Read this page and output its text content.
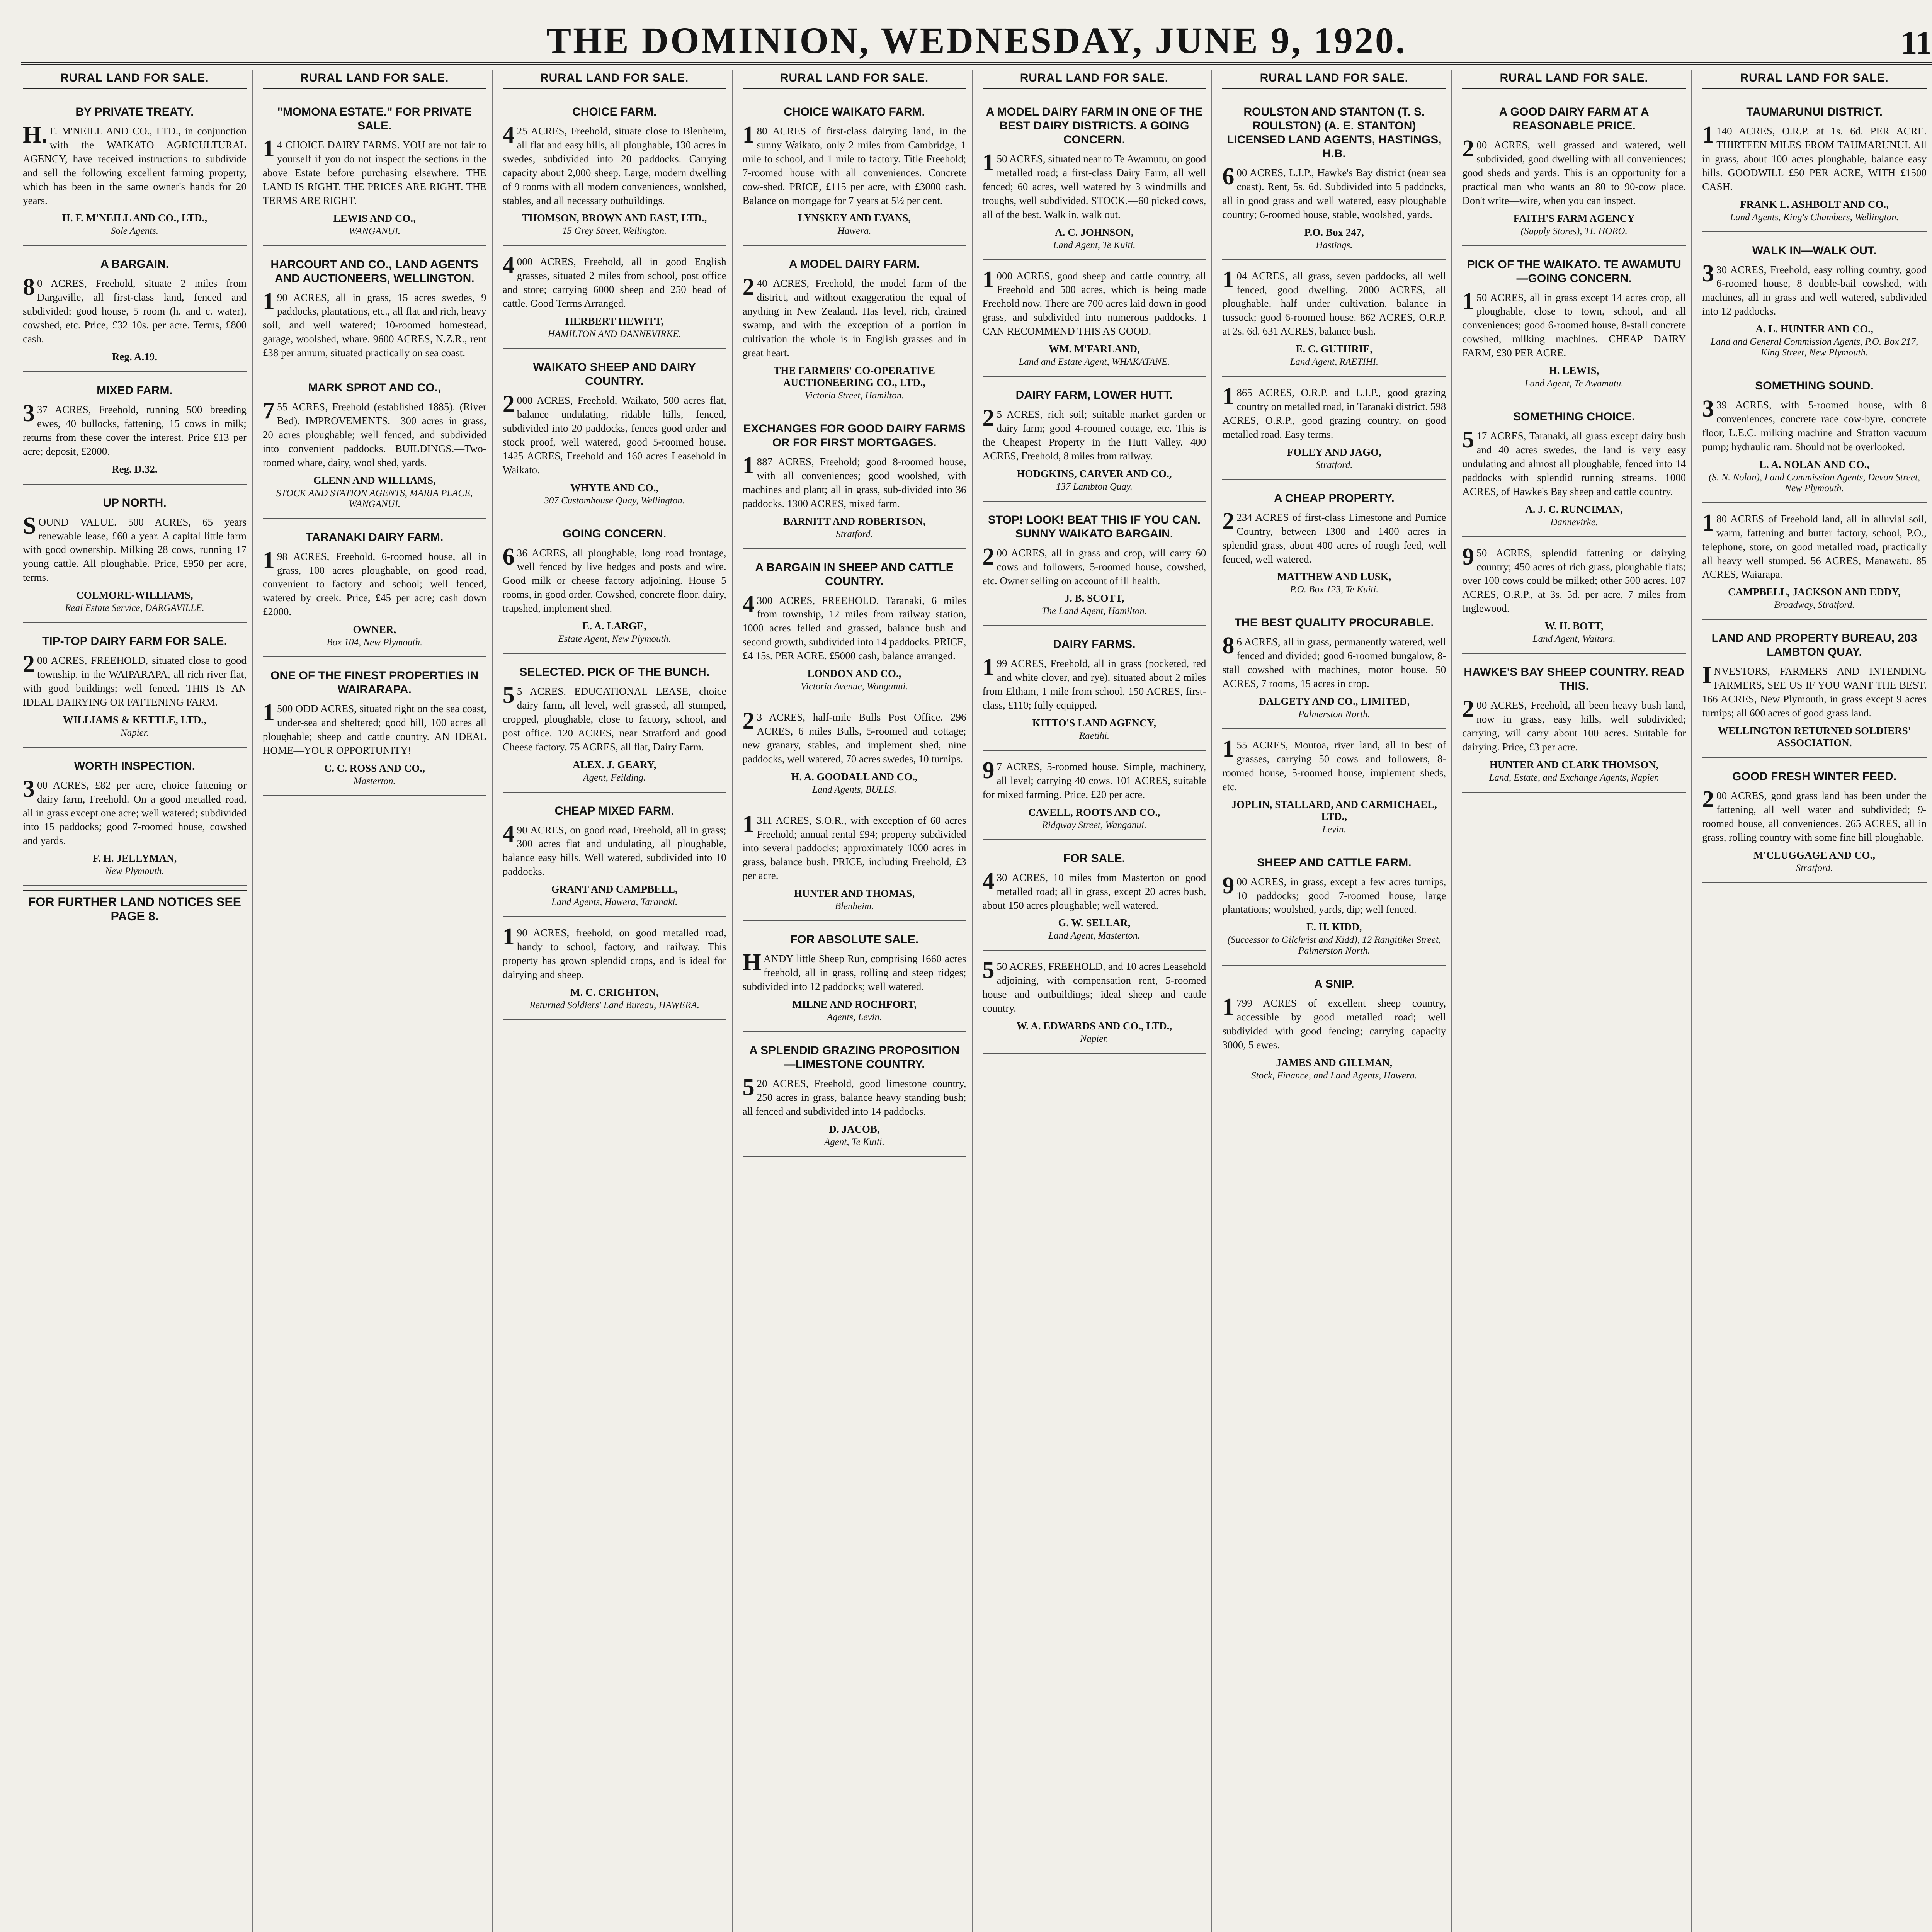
THE DOMINION, WEDNESDAY, JUNE 9, 1920.	11
RURAL LAND FOR SALE.
BY PRIVATE TREATY.

H.F. M'NEILL AND CO., LTD., in conjunction with the WAIKATO AGRICULTURAL AGENCY, have received instructions to subdivide and sell the following excellent farming property, which has been in the same owner's hands for 20 years.

H. F. M'NEILL AND CO., LTD.,

Sole Agents.

A BARGAIN.

80 ACRES, Freehold, situate 2 miles from Dargaville, all first-class land, fenced and subdivided; good house, 5 room (h. and c. water), cowshed, etc. Price, £32 10s. per acre. Terms, £800 cash.

Reg. A.19.

MIXED FARM.

337 ACRES, Freehold, running 500 breeding ewes, 40 bullocks, fattening, 15 cows in milk; returns from these cover the interest. Price £13 per acre; deposit, £2000.

Reg. D.32.

UP NORTH.

SOUND VALUE. 500 ACRES, 65 years renewable lease, £60 a year. A capital little farm with good ownership. Milking 28 cows, running 17 young cattle. All ploughable. Price, £950 per acre, terms.

COLMORE-WILLIAMS,

Real Estate Service, DARGAVILLE.

TIP-TOP DAIRY FARM FOR SALE.

200 ACRES, FREEHOLD, situated close to good township, in the WAIPARAPA, all rich river flat, with good buildings; well fenced. THIS IS AN IDEAL DAIRYING OR FATTENING FARM.

WILLIAMS & KETTLE, LTD.,

Napier.

WORTH INSPECTION.

300 ACRES, £82 per acre, choice fattening or dairy farm, Freehold. On a good metalled road, all in grass except one acre; well watered; subdivided into 15 paddocks; good 7-roomed house, cowshed and yards.

F. H. JELLYMAN,

New Plymouth.

FOR FURTHER LAND NOTICES SEE PAGE 8.
RURAL LAND FOR SALE.
"MOMONA ESTATE." FOR PRIVATE SALE.

14 CHOICE DAIRY FARMS. YOU are not fair to yourself if you do not inspect the sections in the above Estate before purchasing elsewhere. THE LAND IS RIGHT. THE PRICES ARE RIGHT. THE TERMS ARE RIGHT.

LEWIS AND CO.,

WANGANUI.

HARCOURT AND CO., LAND AGENTS AND AUCTIONEERS, WELLINGTON.

190 ACRES, all in grass, 15 acres swedes, 9 paddocks, plantations, etc., all flat and rich, heavy soil, and well watered; 10-roomed homestead, garage, woolshed, whare. 9600 ACRES, N.Z.R., rent £38 per annum, situated practically on sea coast.

MARK SPROT AND CO.,

755 ACRES, Freehold (established 1885). (River Bed). IMPROVEMENTS.—300 acres in grass, 20 acres ploughable; well fenced, and subdivided into convenient paddocks. BUILDINGS.—Two-roomed whare, dairy, wool shed, yards.

GLENN AND WILLIAMS,

STOCK AND STATION AGENTS, MARIA PLACE, WANGANUI.

TARANAKI DAIRY FARM.

198 ACRES, Freehold, 6-roomed house, all in grass, 100 acres ploughable, on good road, convenient to factory and school; well fenced, watered by creek. Price, £45 per acre; cash down £2000.

OWNER,

Box 104, New Plymouth.

ONE OF THE FINEST PROPERTIES IN WAIRARAPA.

1500 ODD ACRES, situated right on the sea coast, under-sea and sheltered; good hill, 100 acres all ploughable; sheep and cattle country. AN IDEAL HOME—YOUR OPPORTUNITY!

C. C. ROSS AND CO.,

Masterton.

RURAL LAND FOR SALE.
CHOICE FARM.

425 ACRES, Freehold, situate close to Blenheim, all flat and easy hills, all ploughable, 130 acres in swedes, subdivided into 20 paddocks. Carrying capacity about 2,000 sheep. Large, modern dwelling of 9 rooms with all modern conveniences, woolshed, stables, and all necessary outbuildings.

THOMSON, BROWN AND EAST, LTD.,

15 Grey Street, Wellington.

4000 ACRES, Freehold, all in good English grasses, situated 2 miles from school, post office and store; carrying 6000 sheep and 250 head of cattle. Good Terms Arranged.

HERBERT HEWITT,

HAMILTON AND DANNEVIRKE.

WAIKATO SHEEP AND DAIRY COUNTRY.

2000 ACRES, Freehold, Waikato, 500 acres flat, balance undulating, ridable hills, fenced, subdivided into 20 paddocks, fences good order and stock proof, well watered, good 5-roomed house. 1425 ACRES, Freehold and 160 acres Leasehold in Waikato.

WHYTE AND CO.,

307 Customhouse Quay, Wellington.

GOING CONCERN.

636 ACRES, all ploughable, long road frontage, well fenced by live hedges and posts and wire. Good milk or cheese factory adjoining. House 5 rooms, in good order. Cowshed, concrete floor, dairy, trapshed, implement shed.

E. A. LARGE,

Estate Agent, New Plymouth.

SELECTED. PICK OF THE BUNCH.

55 ACRES, EDUCATIONAL LEASE, choice dairy farm, all level, well grassed, all stumped, cropped, ploughable, close to factory, school, and post office. 120 ACRES, near Stratford and good Cheese factory. 75 ACRES, all flat, Dairy Farm.

ALEX. J. GEARY,

Agent, Feilding.

CHEAP MIXED FARM.

490 ACRES, on good road, Freehold, all in grass; 300 acres flat and undulating, all ploughable, balance easy hills. Well watered, subdivided into 10 paddocks.

GRANT AND CAMPBELL,

Land Agents, Hawera, Taranaki.

190 ACRES, freehold, on good metalled road, handy to school, factory, and railway. This property has grown splendid crops, and is ideal for dairying and sheep.

M. C. CRIGHTON,

Returned Soldiers' Land Bureau, HAWERA.

RURAL LAND FOR SALE.
CHOICE WAIKATO FARM.

180 ACRES of first-class dairying land, in the sunny Waikato, only 2 miles from Cambridge, 1 mile to school, and 1 mile to factory. Title Freehold; 7-roomed house with all conveniences. Concrete cow-shed. PRICE, £115 per acre, with £3000 cash. Balance on mortgage for 7 years at 5½ per cent.

LYNSKEY AND EVANS,

Hawera.

A MODEL DAIRY FARM.

240 ACRES, Freehold, the model farm of the district, and without exaggeration the equal of anything in New Zealand. Has level, rich, drained swamp, and with the exception of a portion in cultivation the whole is in English grasses and in great heart.

THE FARMERS' CO-OPERATIVE AUCTIONEERING CO., LTD.,

Victoria Street, Hamilton.

EXCHANGES FOR GOOD DAIRY FARMS OR FOR FIRST MORTGAGES.

1887 ACRES, Freehold; good 8-roomed house, with all conveniences; good woolshed, with machines and plant; all in grass, sub-divided into 36 paddocks. 1300 ACRES, mixed farm.

BARNITT AND ROBERTSON,

Stratford.

A BARGAIN IN SHEEP AND CATTLE COUNTRY.

4300 ACRES, FREEHOLD, Taranaki, 6 miles from township, 12 miles from railway station, 1000 acres felled and grassed, balance bush and second growth, subdivided into 14 paddocks. PRICE, £4 15s. PER ACRE. £5000 cash, balance arranged.

LONDON AND CO.,

Victoria Avenue, Wanganui.

23 ACRES, half-mile Bulls Post Office. 296 ACRES, 6 miles Bulls, 5-roomed and cottage; new granary, stables, and implement shed, nine paddocks, well watered, 70 acres swedes, 10 turnips.

H. A. GOODALL AND CO.,

Land Agents, BULLS.

1311 ACRES, S.O.R., with exception of 60 acres Freehold; annual rental £94; property subdivided into several paddocks; approximately 1000 acres in grass, balance bush. PRICE, including Freehold, £3 per acre.

HUNTER AND THOMAS,

Blenheim.

FOR ABSOLUTE SALE.

HANDY little Sheep Run, comprising 1660 acres freehold, all in grass, rolling and steep ridges; subdivided into 12 paddocks; well watered.

MILNE AND ROCHFORT,

Agents, Levin.

A SPLENDID GRAZING PROPOSITION —LIMESTONE COUNTRY.

520 ACRES, Freehold, good limestone country, 250 acres in grass, balance heavy standing bush; all fenced and subdivided into 14 paddocks.

D. JACOB,

Agent, Te Kuiti.

RURAL LAND FOR SALE.
A MODEL DAIRY FARM IN ONE OF THE BEST DAIRY DISTRICTS. A GOING CONCERN.

150 ACRES, situated near to Te Awamutu, on good metalled road; a first-class Dairy Farm, all well fenced; 60 acres, well watered by 3 windmills and troughs, well subdivided. STOCK.—60 picked cows, all of the best. Walk in, walk out.

A. C. JOHNSON,

Land Agent, Te Kuiti.

1000 ACRES, good sheep and cattle country, all Freehold and 500 acres, which is being made Freehold now. There are 700 acres laid down in good grass, and subdivided into numerous paddocks. I CAN RECOMMEND THIS AS GOOD.

WM. M'FARLAND,

Land and Estate Agent, WHAKATANE.

DAIRY FARM, LOWER HUTT.

25 ACRES, rich soil; suitable market garden or dairy farm; good 4-roomed cottage, etc. This is the Cheapest Property in the Hutt Valley. 400 ACRES, Freehold, 8 miles from railway.

HODGKINS, CARVER AND CO.,

137 Lambton Quay.

STOP! LOOK! BEAT THIS IF YOU CAN. SUNNY WAIKATO BARGAIN.

200 ACRES, all in grass and crop, will carry 60 cows and followers, 5-roomed house, cowshed, etc. Owner selling on account of ill health.

J. B. SCOTT,

The Land Agent, Hamilton.

DAIRY FARMS.

199 ACRES, Freehold, all in grass (pocketed, red and white clover, and rye), situated about 2 miles from Eltham, 1 mile from school, 150 ACRES, first-class, £110; fully equipped.

KITTO'S LAND AGENCY,

Raetihi.

97 ACRES, 5-roomed house. Simple, machinery, all level; carrying 40 cows. 101 ACRES, suitable for mixed farming. Price, £20 per acre.

CAVELL, ROOTS AND CO.,

Ridgway Street, Wanganui.

FOR SALE.

430 ACRES, 10 miles from Masterton on good metalled road; all in grass, except 20 acres bush, about 150 acres ploughable; well watered.

G. W. SELLAR,

Land Agent, Masterton.

550 ACRES, FREEHOLD, and 10 acres Leasehold adjoining, with compensation rent, 5-roomed house and outbuildings; ideal sheep and cattle country.

W. A. EDWARDS AND CO., LTD.,

Napier.

RURAL LAND FOR SALE.
ROULSTON AND STANTON (T. S. ROULSTON) (A. E. STANTON) LICENSED LAND AGENTS, HASTINGS, H.B.

600 ACRES, L.I.P., Hawke's Bay district (near sea coast). Rent, 5s. 6d. Subdivided into 5 paddocks, all in good grass and well watered, easy ploughable country; 6-roomed house, stable, woolshed, yards.

P.O. Box 247,

Hastings.

104 ACRES, all grass, seven paddocks, all well fenced, good dwelling. 2000 ACRES, all ploughable, half under cultivation, balance in tussock; good 6-roomed house. 862 ACRES, O.R.P. at 2s. 6d. 631 ACRES, balance bush.

E. C. GUTHRIE,

Land Agent, RAETIHI.

1865 ACRES, O.R.P. and L.I.P., good grazing country on metalled road, in Taranaki district. 598 ACRES, O.R.P., good grazing country, on good metalled road. Easy terms.

FOLEY AND JAGO,

Stratford.

A CHEAP PROPERTY.

2234 ACRES of first-class Limestone and Pumice Country, between 1300 and 1400 acres in splendid grass, about 400 acres of rough feed, well fenced, well watered.

MATTHEW AND LUSK,

P.O. Box 123, Te Kuiti.

THE BEST QUALITY PROCURABLE.

86 ACRES, all in grass, permanently watered, well fenced and divided; good 6-roomed bungalow, 8-stall cowshed with machines, motor house. 50 ACRES, 7 rooms, 15 acres in crop.

DALGETY AND CO., LIMITED,

Palmerston North.

155 ACRES, Moutoa, river land, all in best of grasses, carrying 50 cows and followers, 8-roomed house, 5-roomed house, implement sheds, etc.

JOPLIN, STALLARD, AND CARMICHAEL, LTD.,

Levin.

SHEEP AND CATTLE FARM.

900 ACRES, in grass, except a few acres turnips, 10 paddocks; good 7-roomed house, large plantations; woolshed, yards, dip; well fenced.

E. H. KIDD,

(Successor to Gilchrist and Kidd), 12 Rangitikei Street, Palmerston North.

A SNIP.

1799 ACRES of excellent sheep country, accessible by good metalled road; well subdivided with good fencing; carrying capacity 3000, 5 ewes.

JAMES AND GILLMAN,

Stock, Finance, and Land Agents, Hawera.

RURAL LAND FOR SALE.
A GOOD DAIRY FARM AT A REASONABLE PRICE.

200 ACRES, well grassed and watered, well subdivided, good dwelling with all conveniences; good sheds and yards. This is an opportunity for a practical man who wants an 80 to 90-cow place. Don't write—wire, when you can inspect.

FAITH'S FARM AGENCY

(Supply Stores), TE HORO.

PICK OF THE WAIKATO. TE AWAMUTU—GOING CONCERN.

150 ACRES, all in grass except 14 acres crop, all ploughable, close to town, school, and all conveniences; good 6-roomed house, 8-stall concrete cowshed, milking machines. CHEAP DAIRY FARM, £30 PER ACRE.

H. LEWIS,

Land Agent, Te Awamutu.

SOMETHING CHOICE.

517 ACRES, Taranaki, all grass except dairy bush and 40 acres swedes, the land is very easy undulating and almost all ploughable, fenced into 14 paddocks with splendid running streams. 1000 ACRES, of Hawke's Bay sheep and cattle country.

A. J. C. RUNCIMAN,

Dannevirke.

950 ACRES, splendid fattening or dairying country; 450 acres of rich grass, ploughable flats; over 100 cows could be milked; other 500 acres. 107 ACRES, O.R.P., at 3s. 5d. per acre, 7 miles from Inglewood.

W. H. BOTT,

Land Agent, Waitara.

HAWKE'S BAY SHEEP COUNTRY. READ THIS.

200 ACRES, Freehold, all been heavy bush land, now in grass, easy hills, well subdivided; carrying, will carry about 100 acres. Suitable for dairying. Price, £3 per acre.

HUNTER AND CLARK THOMSON,

Land, Estate, and Exchange Agents, Napier.

RURAL LAND FOR SALE.
TAUMARUNUI DISTRICT.

1140 ACRES, O.R.P. at 1s. 6d. PER ACRE. THIRTEEN MILES FROM TAUMARUNUI. All in grass, about 100 acres ploughable, balance easy hills. GOODWILL £50 PER ACRE, WITH £1500 CASH.

FRANK L. ASHBOLT AND CO.,

Land Agents, King's Chambers, Wellington.

WALK IN—WALK OUT.

330 ACRES, Freehold, easy rolling country, good 6-roomed house, 8 double-bail cowshed, with machines, all in grass and well watered, subdivided into 12 paddocks.

A. L. HUNTER AND CO.,

Land and General Commission Agents, P.O. Box 217, King Street, New Plymouth.

SOMETHING SOUND.

339 ACRES, with 5-roomed house, with 8 conveniences, concrete race cow-byre, concrete floor, L.E.C. milking machine and Stratton vacuum pump; hydraulic ram. Should not be overlooked.

L. A. NOLAN AND CO.,

(S. N. Nolan), Land Commission Agents, Devon Street, New Plymouth.

180 ACRES of Freehold land, all in alluvial soil, warm, fattening and butter factory, school, P.O., telephone, store, on good metalled road, practically all heavy well stumped. 56 ACRES, Manawatu. 85 ACRES, Waiarapa.

CAMPBELL, JACKSON AND EDDY,

Broadway, Stratford.

LAND AND PROPERTY BUREAU, 203 LAMBTON QUAY.

INVESTORS, FARMERS AND INTENDING FARMERS, SEE US IF YOU WANT THE BEST. 166 ACRES, New Plymouth, in grass except 9 acres turnips; all 600 acres of good grass land.

WELLINGTON RETURNED SOLDIERS' ASSOCIATION.

GOOD FRESH WINTER FEED.

200 ACRES, good grass land has been under the fattening, all well water and subdivided; 9-roomed house, all conveniences. 265 ACRES, all in grass, rolling country with some fine hill ploughable.

M'CLUGGAGE AND CO.,

Stratford.
